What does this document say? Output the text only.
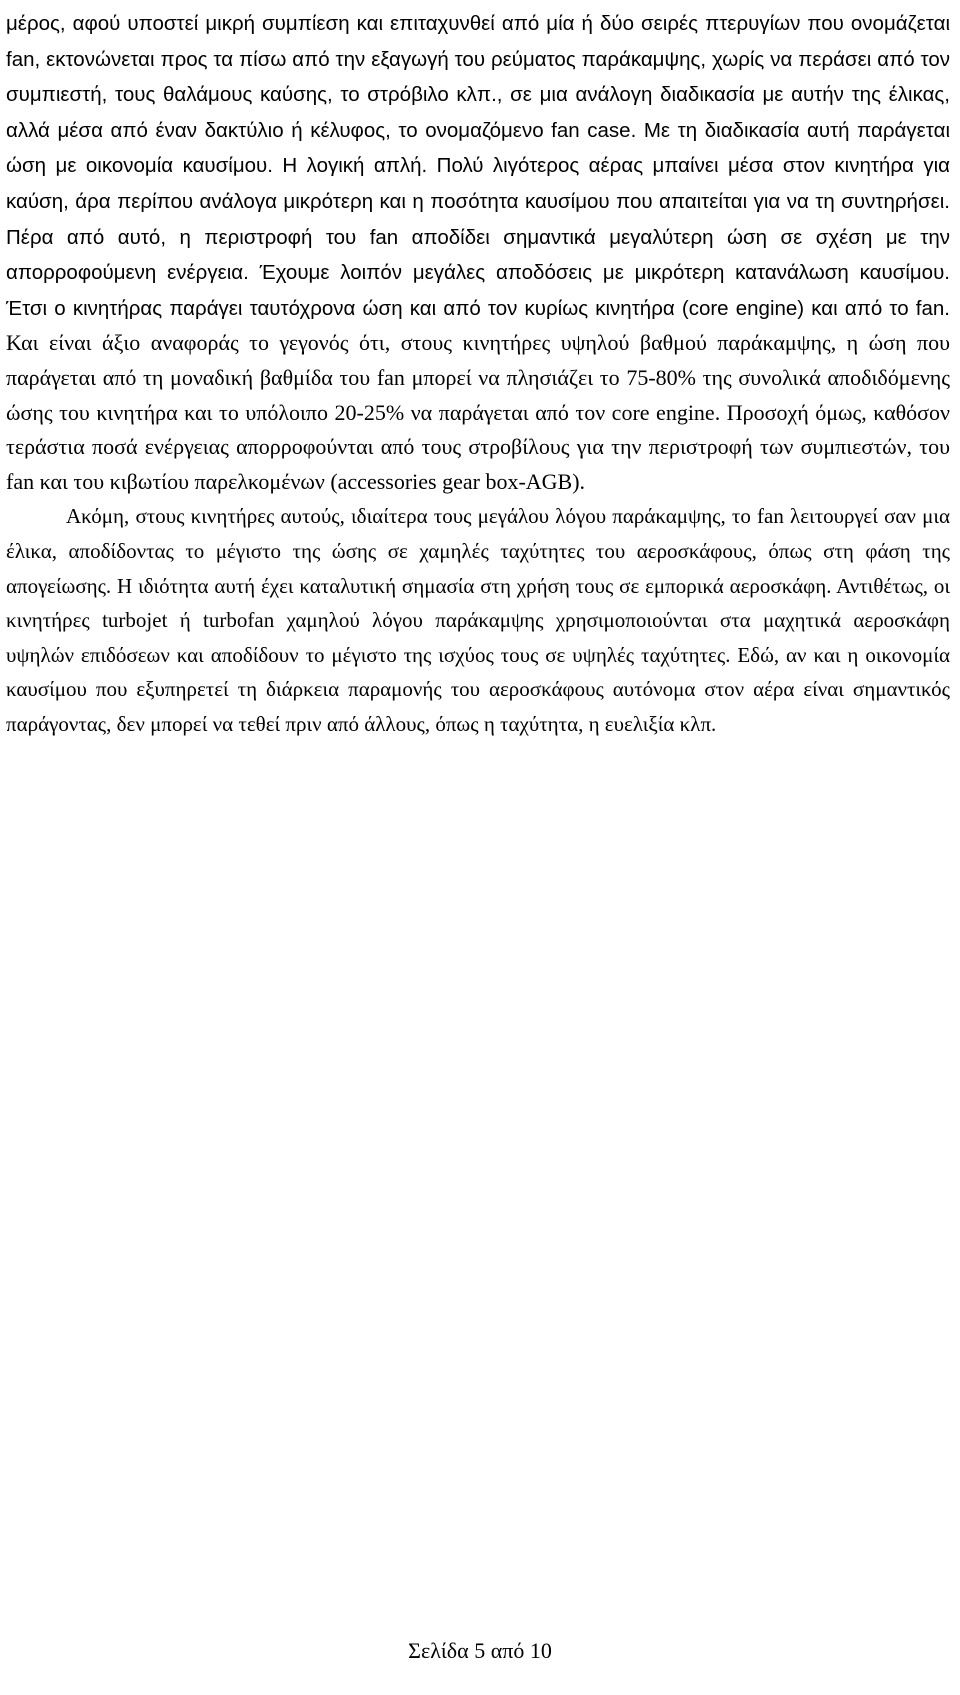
μέρος, αφού υποστεί μικρή συμπίεση και επιταχυνθεί από μία ή δύο σειρές πτερυγίων που ονομάζεται fan, εκτονώνεται προς τα πίσω από την εξαγωγή του ρεύματος παράκαμψης, χωρίς να περάσει από τον συμπιεστή, τους θαλάμους καύσης, το στρόβιλο κλπ., σε μια ανάλογη διαδικασία με αυτήν της έλικας, αλλά μέσα από έναν δακτύλιο ή κέλυφος, το ονομαζόμενο fan case. Με τη διαδικασία αυτή παράγεται ώση με οικονομία καυσίμου. Η λογική απλή. Πολύ λιγότερος αέρας μπαίνει μέσα στον κινητήρα για καύση, άρα περίπου ανάλογα μικρότερη και η ποσότητα καυσίμου που απαιτείται για να τη συντηρήσει. Πέρα από αυτό, η περιστροφή του fan αποδίδει σημαντικά μεγαλύτερη ώση σε σχέση με την απορροφούμενη ενέργεια. Έχουμε λοιπόν μεγάλες αποδόσεις με μικρότερη κατανάλωση καυσίμου. Έτσι ο κινητήρας παράγει ταυτόχρονα ώση και από τον κυρίως κινητήρα (core engine) και από το fan. Και είναι άξιο αναφοράς το γεγονός ότι, στους κινητήρες υψηλού βαθμού παράκαμψης, η ώση που παράγεται από τη μοναδική βαθμίδα του fan μπορεί να πλησιάζει το 75-80% της συνολικά αποδιδόμενης ώσης του κινητήρα και το υπόλοιπο 20-25% να παράγεται από τον core engine. Προσοχή όμως, καθόσον τεράστια ποσά ενέργειας απορροφούνται από τους στροβίλους για την περιστροφή των συμπιεστών, του fan και του κιβωτίου παρελκομένων (accessories gear box-AGB).

Ακόμη, στους κινητήρες αυτούς, ιδιαίτερα τους μεγάλου λόγου παράκαμψης, το fan λειτουργεί σαν μια έλικα, αποδίδοντας το μέγιστο της ώσης σε χαμηλές ταχύτητες του αεροσκάφους, όπως στη φάση της απογείωσης. Η ιδιότητα αυτή έχει καταλυτική σημασία στη χρήση τους σε εμπορικά αεροσκάφη. Αντιθέτως, οι κινητήρες turbojet ή turbofan χαμηλού λόγου παράκαμψης χρησιμοποιούνται στα μαχητικά αεροσκάφη υψηλών επιδόσεων και αποδίδουν το μέγιστο της ισχύος τους σε υψηλές ταχύτητες. Εδώ, αν και η οικονομία καυσίμου που εξυπηρετεί τη διάρκεια παραμονής του αεροσκάφους αυτόνομα στον αέρα είναι σημαντικός παράγοντας, δεν μπορεί να τεθεί πριν από άλλους, όπως η ταχύτητα, η ευελιξία κλπ.

Σελίδα 5 από 10
